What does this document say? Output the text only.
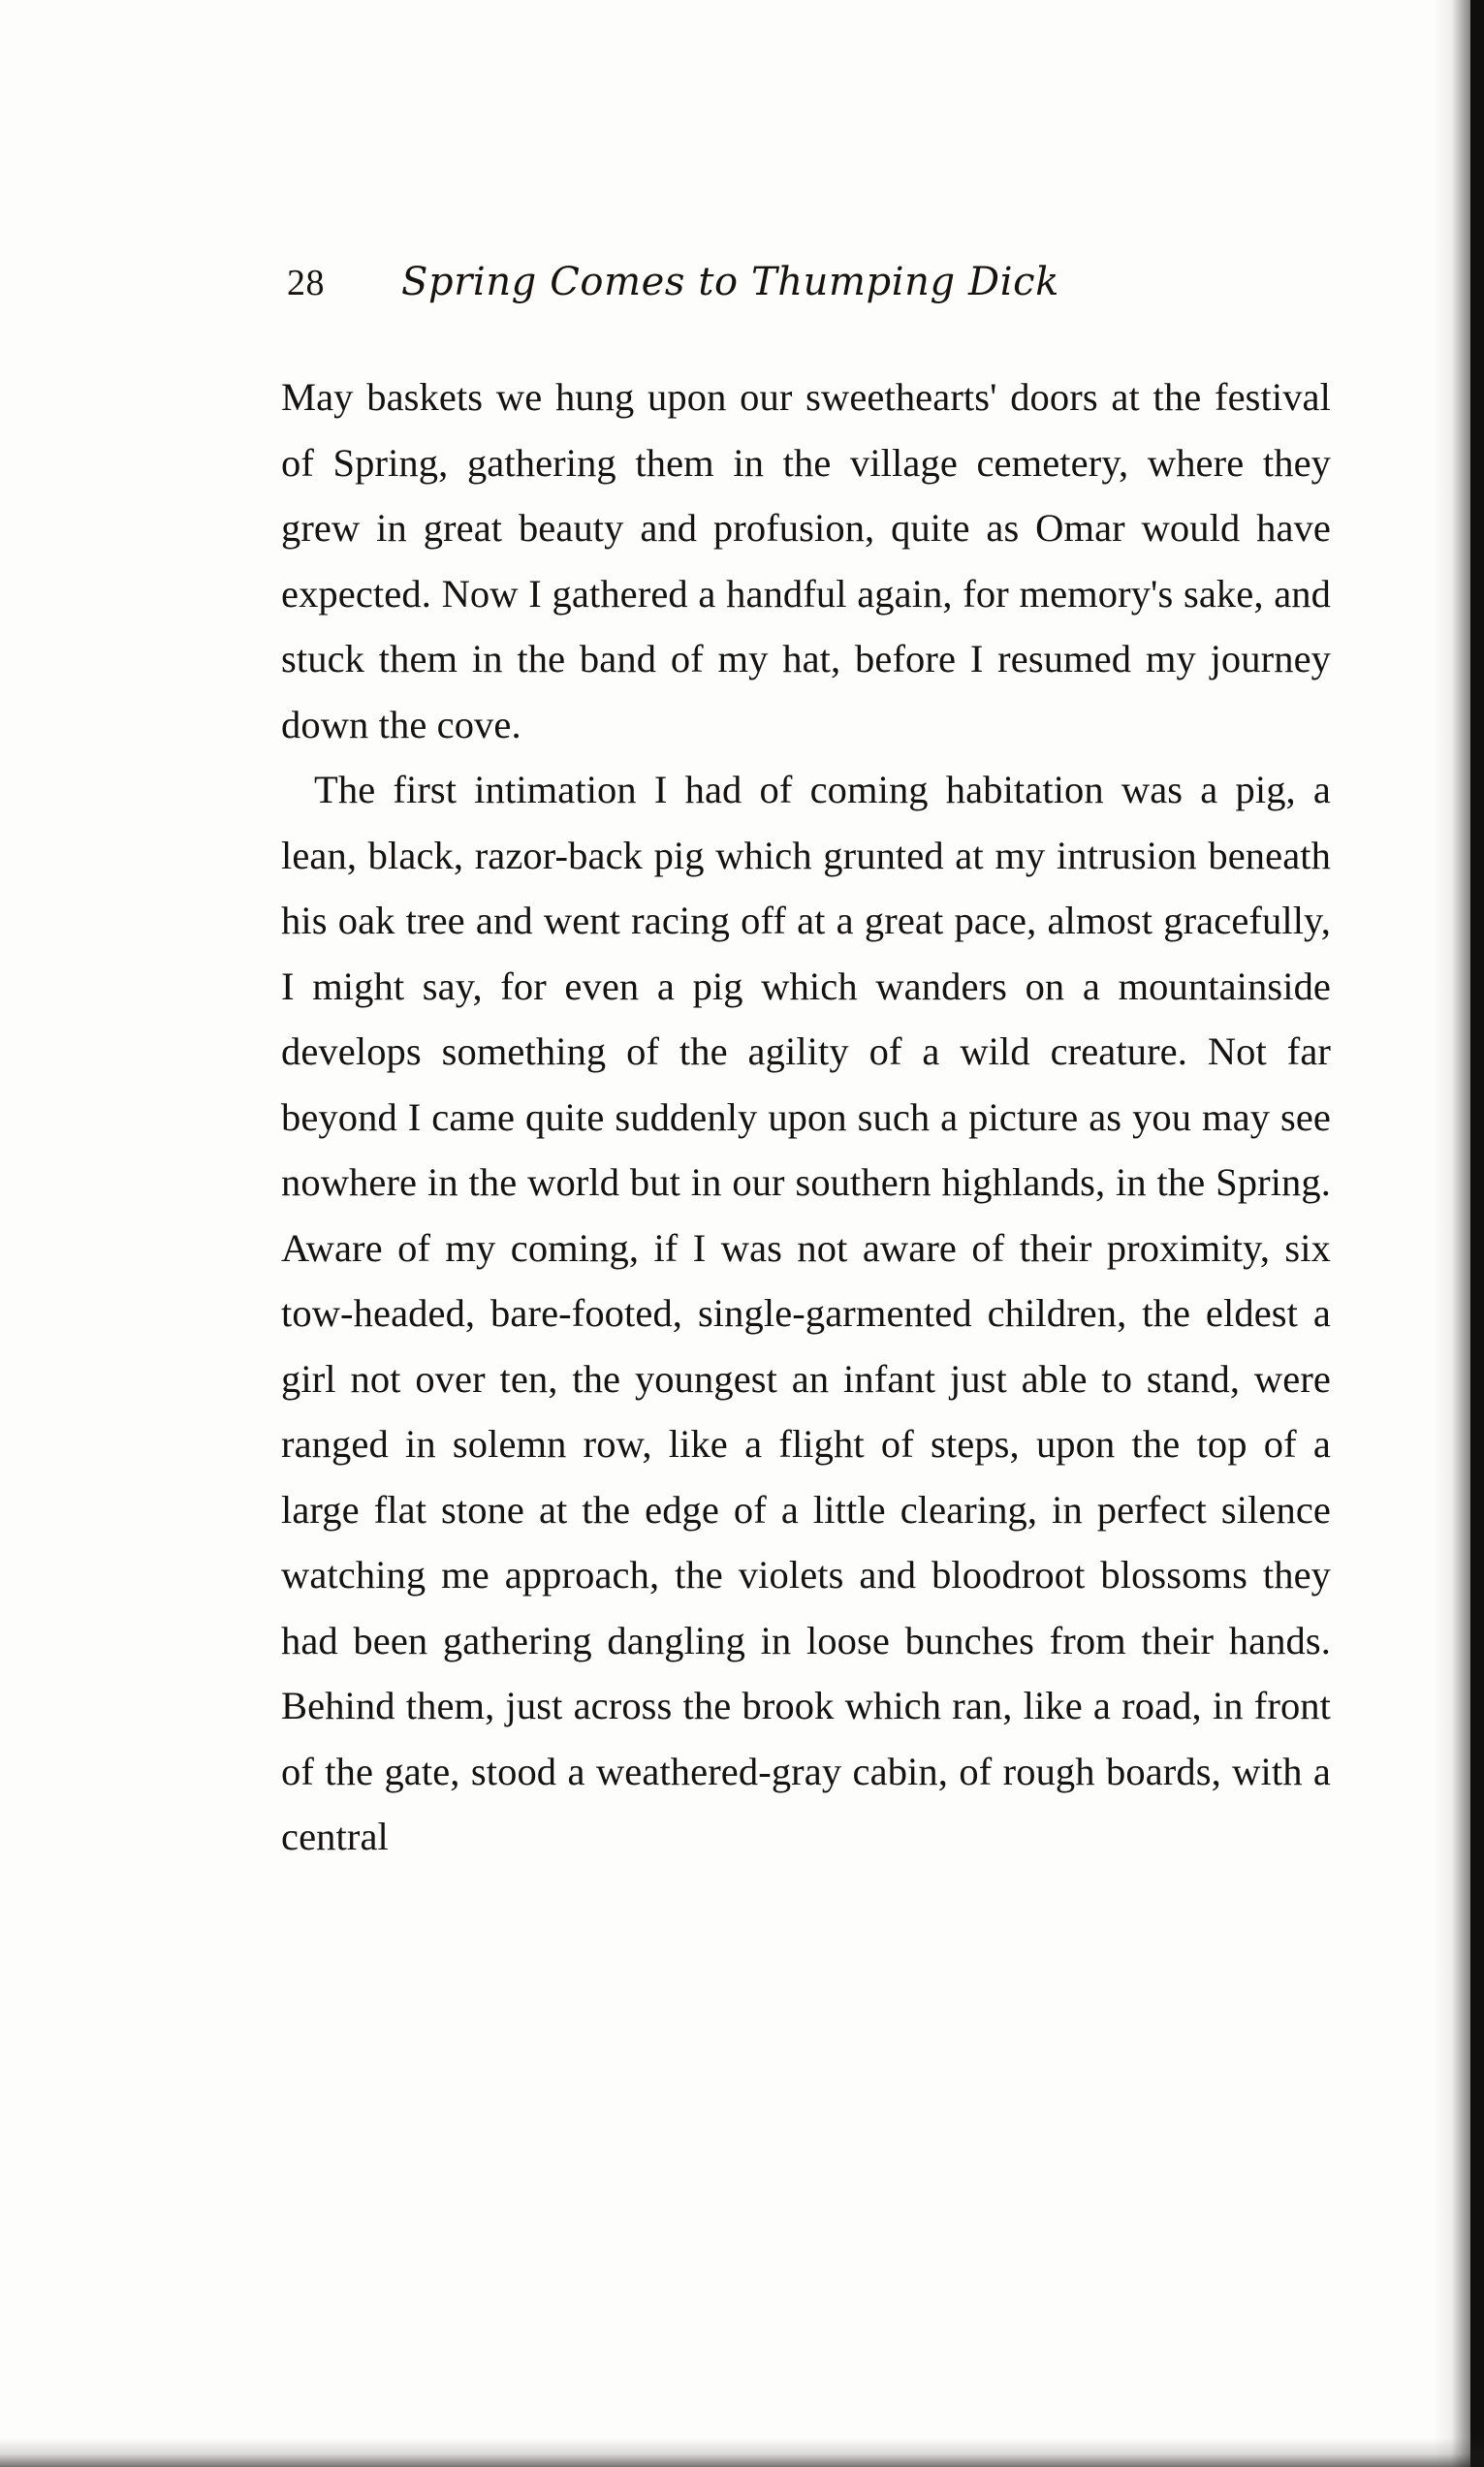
28	Spring Comes to Thumping Dick

May baskets we hung upon our sweethearts' doors at the festival of Spring, gathering them in the village cemetery, where they grew in great beauty and profusion, quite as Omar would have expected. Now I gathered a handful again, for memory's sake, and stuck them in the band of my hat, before I resumed my journey down the cove.

The first intimation I had of coming habitation was a pig, a lean, black, razor-back pig which grunted at my intrusion beneath his oak tree and went racing off at a great pace, almost gracefully, I might say, for even a pig which wanders on a mountainside develops something of the agility of a wild creature. Not far beyond I came quite suddenly upon such a picture as you may see nowhere in the world but in our southern highlands, in the Spring. Aware of my coming, if I was not aware of their proximity, six tow-headed, bare-footed, single-garmented children, the eldest a girl not over ten, the youngest an infant just able to stand, were ranged in solemn row, like a flight of steps, upon the top of a large flat stone at the edge of a little clearing, in perfect silence watching me approach, the violets and bloodroot blossoms they had been gathering dangling in loose bunches from their hands. Behind them, just across the brook which ran, like a road, in front of the gate, stood a weathered-gray cabin, of rough boards, with a central
